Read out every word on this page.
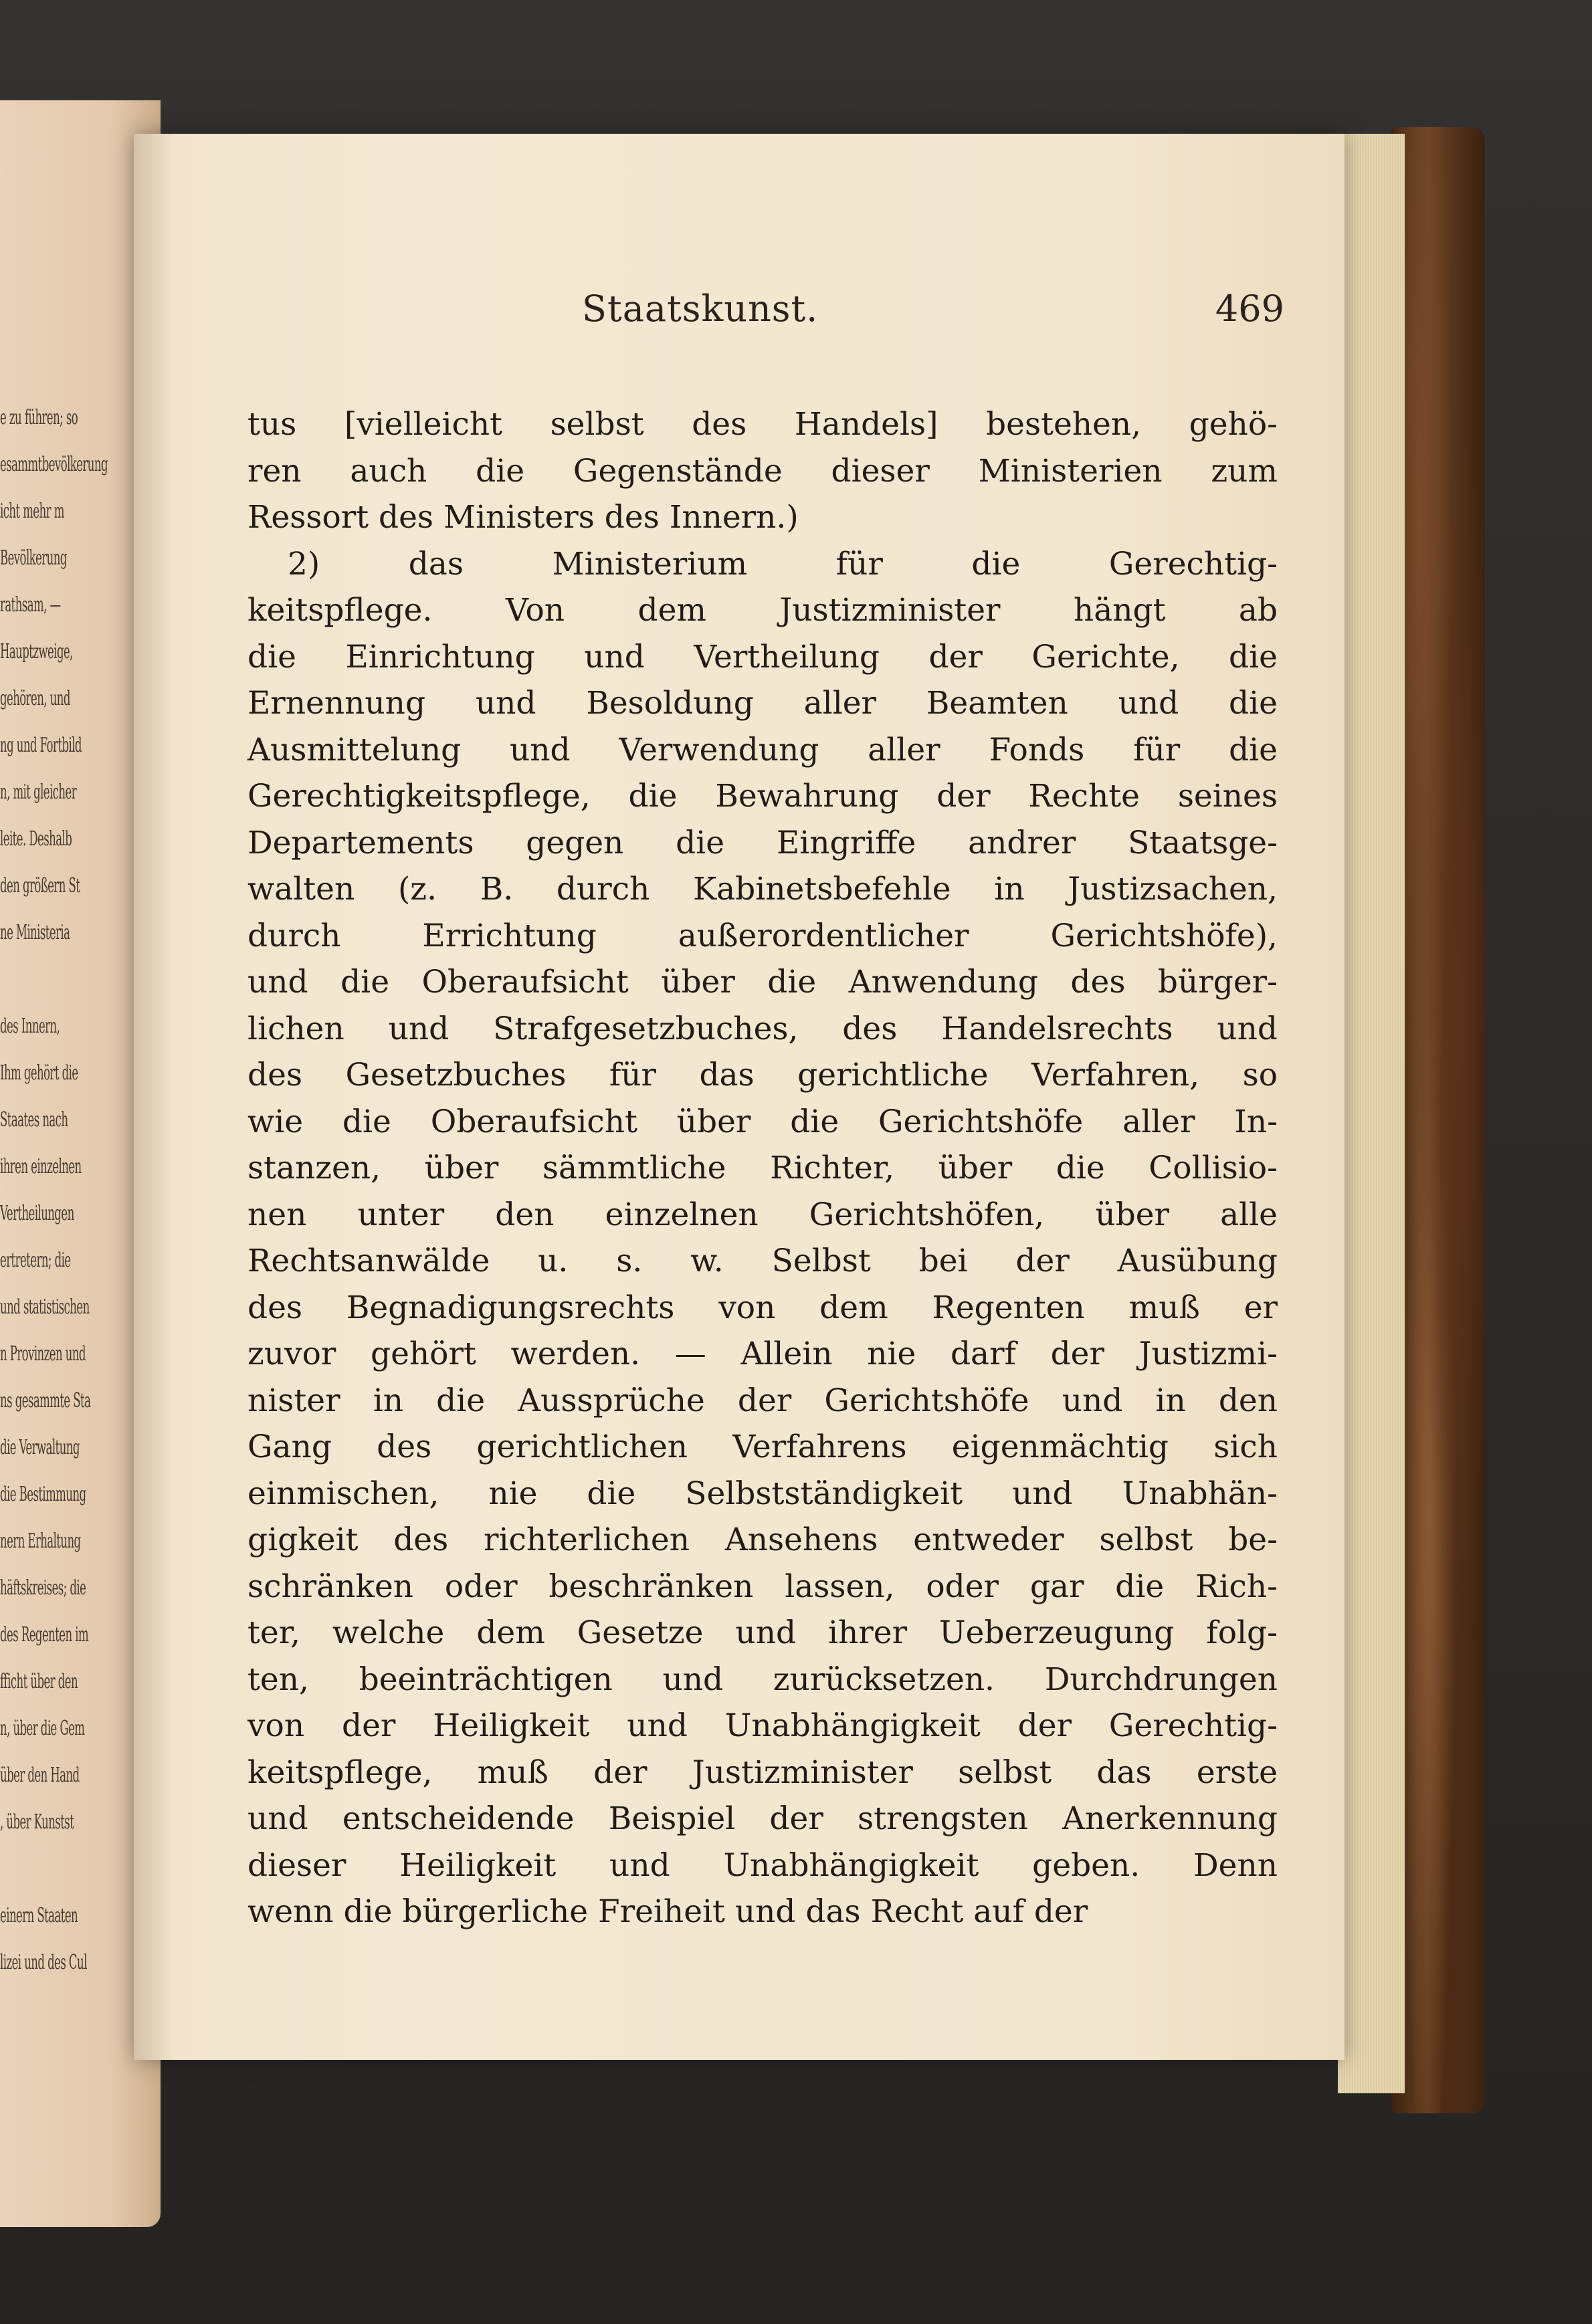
e zu führen; so
esammtbevölkerung
icht mehr m
Bevölkerung
rathsam, —
Hauptzweige,
gehören, und
ng und Fortbild
n, mit gleicher
leite. Deshalb
den größern St
ne Ministeria

des Innern,
Ihm gehört die
Staates nach
ihren einzelnen
Vertheilungen
ertretern; die
und statistischen
n Provinzen und
ns gesammte Sta
die Verwaltung
die Bestimmung
nern Erhaltung
häftskreises; die
des Regenten im
fficht über den
n, über die Gem
über den Hand
, über Kunstst

einern Staaten
lizei und des Cul
Staatskunst.	469
tus [vielleicht selbst des Handels] bestehen, gehö-
ren auch die Gegenstände dieser Ministerien zum
Ressort des Ministers des Innern.)
2) das Ministerium für die Gerechtig-
keitspflege. Von dem Justizminister hängt ab
die Einrichtung und Vertheilung der Gerichte, die
Ernennung und Besoldung aller Beamten und die
Ausmittelung und Verwendung aller Fonds für die
Gerechtigkeitspflege, die Bewahrung der Rechte seines
Departements gegen die Eingriffe andrer Staatsge-
walten (z. B. durch Kabinetsbefehle in Justizsachen,
durch Errichtung außerordentlicher Gerichtshöfe),
und die Oberaufsicht über die Anwendung des bürger-
lichen und Strafgesetzbuches, des Handelsrechts und
des Gesetzbuches für das gerichtliche Verfahren, so
wie die Oberaufsicht über die Gerichtshöfe aller In-
stanzen, über sämmtliche Richter, über die Collisio-
nen unter den einzelnen Gerichtshöfen, über alle
Rechtsanwälde u. s. w. Selbst bei der Ausübung
des Begnadigungsrechts von dem Regenten muß er
zuvor gehört werden. — Allein nie darf der Justizmi-
nister in die Aussprüche der Gerichtshöfe und in den
Gang des gerichtlichen Verfahrens eigenmächtig sich
einmischen, nie die Selbstständigkeit und Unabhän-
gigkeit des richterlichen Ansehens entweder selbst be-
schränken oder beschränken lassen, oder gar die Rich-
ter, welche dem Gesetze und ihrer Ueberzeugung folg-
ten, beeinträchtigen und zurücksetzen. Durchdrungen
von der Heiligkeit und Unabhängigkeit der Gerechtig-
keitspflege, muß der Justizminister selbst das erste
und entscheidende Beispiel der strengsten Anerkennung
dieser Heiligkeit und Unabhängigkeit geben. Denn
wenn die bürgerliche Freiheit und das Recht auf der
